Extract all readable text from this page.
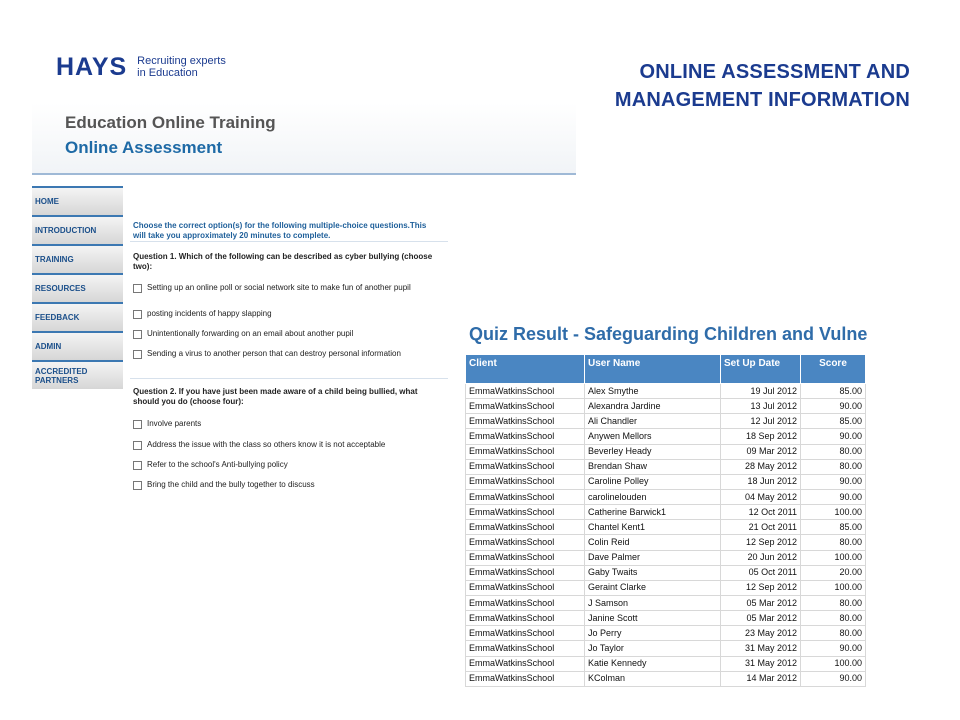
HAYS Recruiting experts
in Education	ONLINE ASSESSMENT AND
MANAGEMENT INFORMATION
Education Online Training
Online Assessment
HOME
INTRODUCTION
TRAINING
RESOURCES
FEEDBACK
ADMIN
ACCREDITED PARTNERS
Choose the correct option(s) for the following multiple-choice questions.This will take you approximately 20 minutes to complete.
Question 1. Which of the following can be described as cyber bullying (choose two):
Setting up an online poll or social network site to make fun of another pupil
posting incidents of happy slapping
Unintentionally forwarding on an email about another pupil
Sending a virus to another person that can destroy personal information
Question 2. If you have just been made aware of a child being bullied, what should you do (choose four):
Involve parents
Address the issue with the class so others know it is not acceptable
Refer to the school's Anti-bullying policy
Bring the child and the bully together to discuss
Quiz Result - Safeguarding Children and Vulne
Client	User Name	Set Up Date	Score
EmmaWatkinsSchool	Alex Smythe	19 Jul 2012	85.00
EmmaWatkinsSchool	Alexandra Jardine	13 Jul 2012	90.00
EmmaWatkinsSchool	Ali Chandler	12 Jul 2012	85.00
EmmaWatkinsSchool	Anywen Mellors	18 Sep 2012	90.00
EmmaWatkinsSchool	Beverley Heady	09 Mar 2012	80.00
EmmaWatkinsSchool	Brendan Shaw	28 May 2012	80.00
EmmaWatkinsSchool	Caroline Polley	18 Jun 2012	90.00
EmmaWatkinsSchool	carolinelouden	04 May 2012	90.00
EmmaWatkinsSchool	Catherine Barwick1	12 Oct 2011	100.00
EmmaWatkinsSchool	Chantel Kent1	21 Oct 2011	85.00
EmmaWatkinsSchool	Colin Reid	12 Sep 2012	80.00
EmmaWatkinsSchool	Dave Palmer	20 Jun 2012	100.00
EmmaWatkinsSchool	Gaby Twaits	05 Oct 2011	20.00
EmmaWatkinsSchool	Geraint Clarke	12 Sep 2012	100.00
EmmaWatkinsSchool	J Samson	05 Mar 2012	80.00
EmmaWatkinsSchool	Janine Scott	05 Mar 2012	80.00
EmmaWatkinsSchool	Jo Perry	23 May 2012	80.00
EmmaWatkinsSchool	Jo Taylor	31 May 2012	90.00
EmmaWatkinsSchool	Katie Kennedy	31 May 2012	100.00
EmmaWatkinsSchool	KColman	14 Mar 2012	90.00
